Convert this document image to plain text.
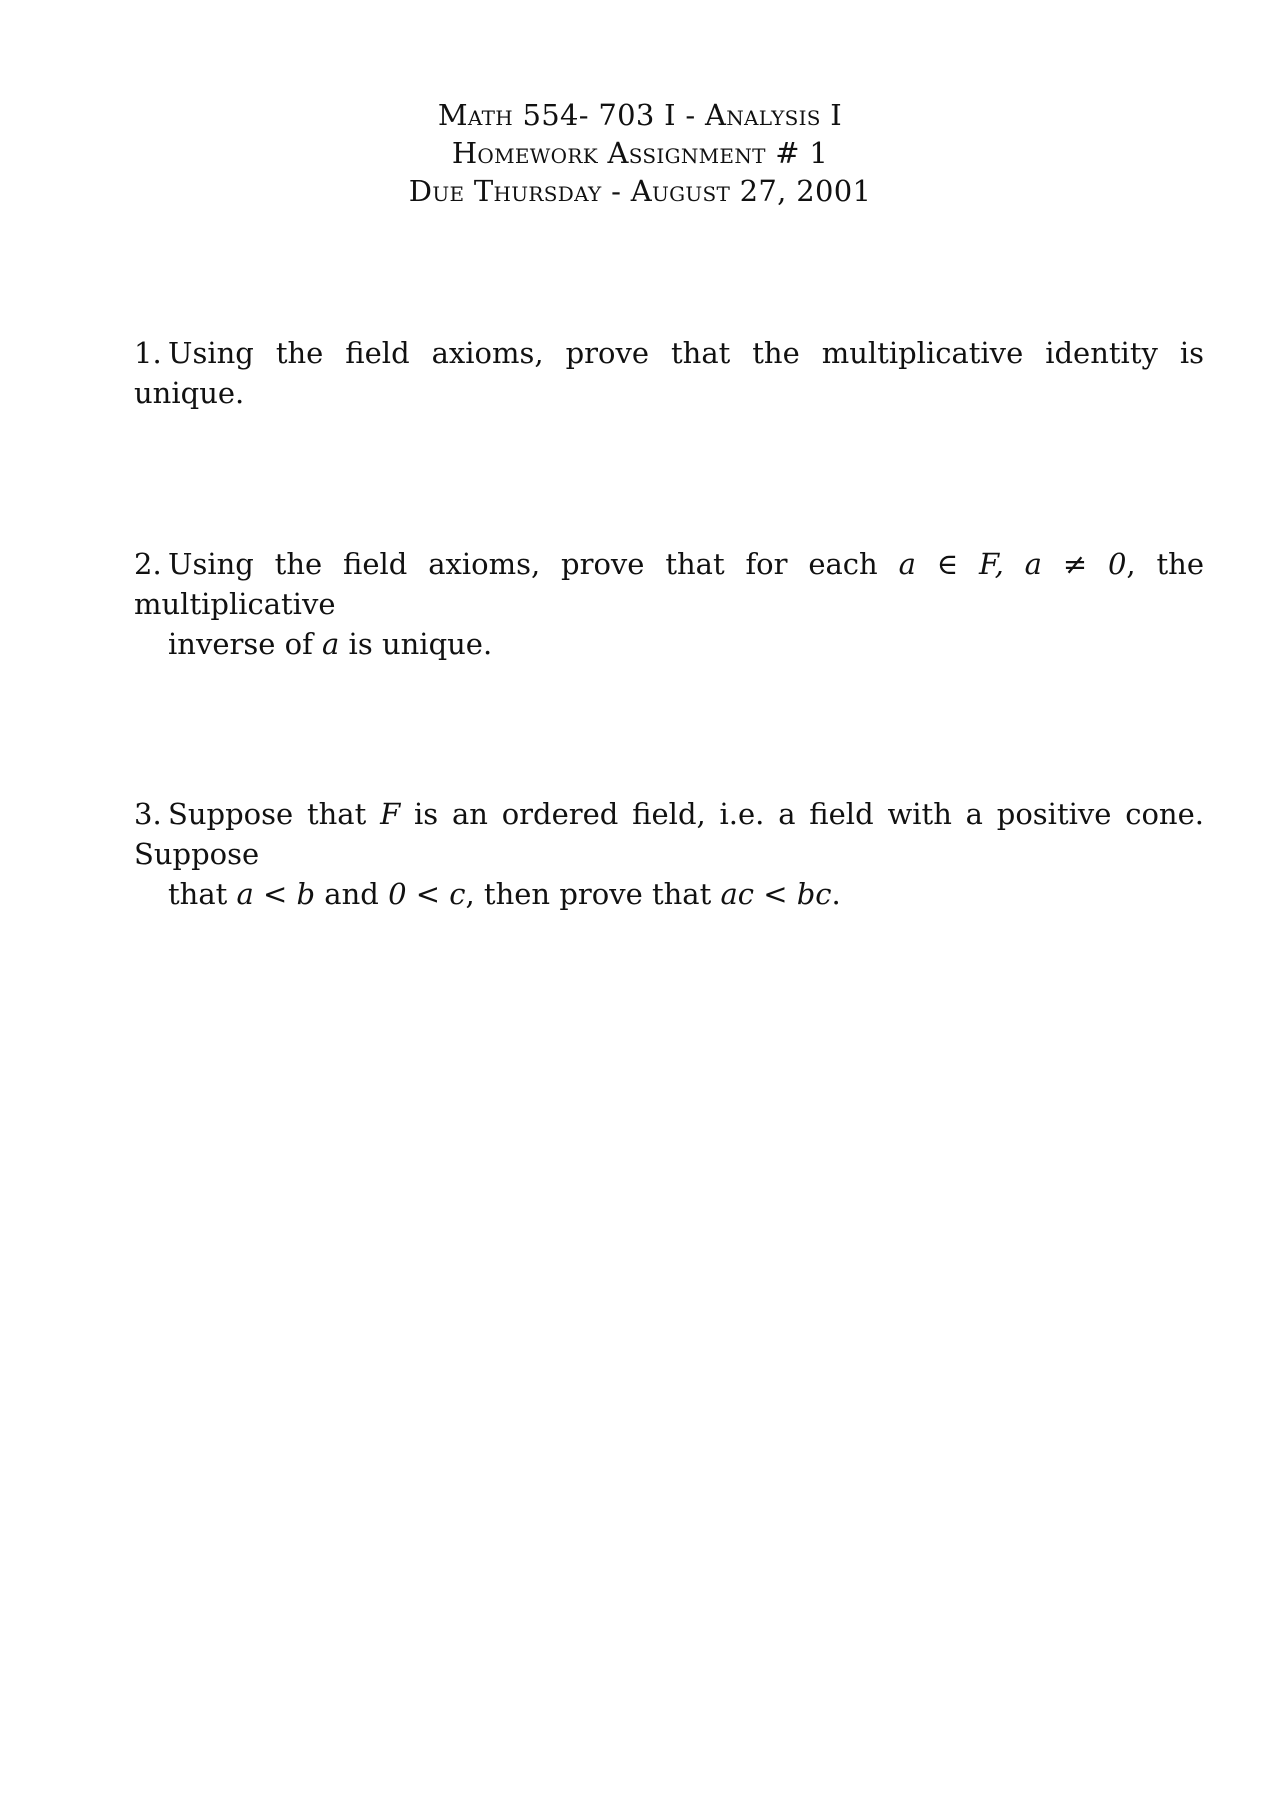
Math 554- 703 I - Analysis I
Homework Assignment # 1
Due Thursday - August 27, 2001
1. Using the field axioms, prove that the multiplicative identity is unique.
2. Using the field axioms, prove that for each a ∈ F, a ≠ 0, the multiplicative
inverse of a is unique.
3. Suppose that F is an ordered field, i.e. a field with a positive cone. Suppose
that a < b and 0 < c, then prove that ac < bc.
